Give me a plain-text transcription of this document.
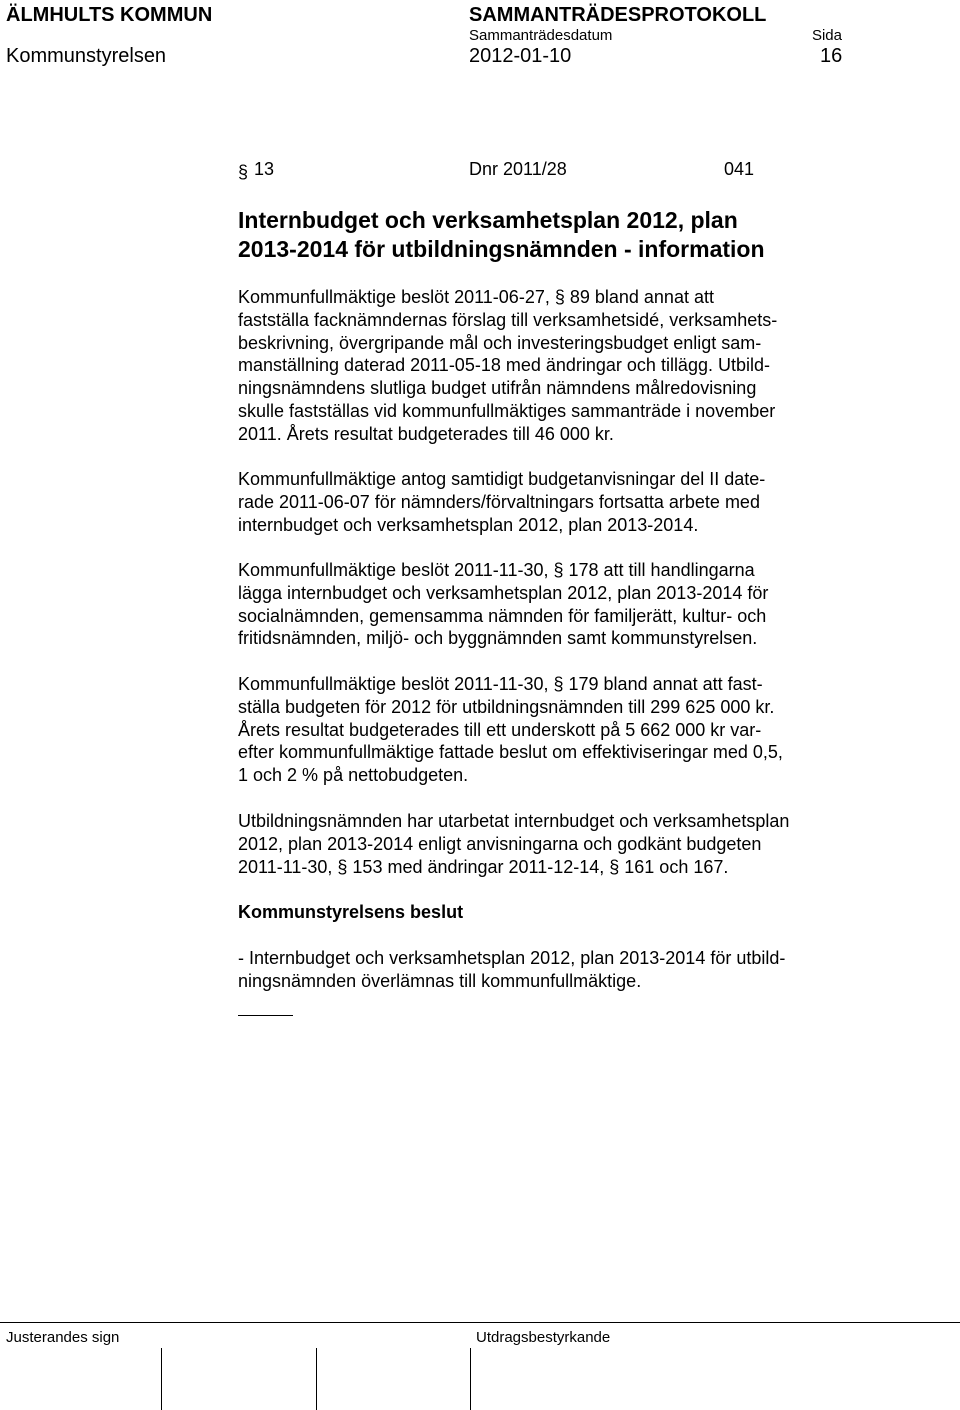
ÄLMHULTS KOMMUN
Kommunstyrelsen
SAMMANTRÄDESPROTOKOLL
Sammanträdesdatum
2012-01-10
Sida
16
§ 13	Dnr 2011/28	041
Internbudget och verksamhetsplan 2012, plan
2013-2014 för utbildningsnämnden - information
Kommunfullmäktige beslöt 2011-06-27, § 89 bland annat att
fastställa facknämndernas förslag till verksamhetsidé, verksamhets-
beskrivning, övergripande mål och investeringsbudget enligt sam-
manställning daterad 2011-05-18 med ändringar och tillägg. Utbild-
ningsnämndens slutliga budget utifrån nämndens målredovisning
skulle fastställas vid kommunfullmäktiges sammanträde i november
2011. Årets resultat budgeterades till 46 000 kr.
Kommunfullmäktige antog samtidigt budgetanvisningar del II date-
rade 2011-06-07 för nämnders/förvaltningars fortsatta arbete med
internbudget och verksamhetsplan 2012, plan 2013-2014.
Kommunfullmäktige beslöt 2011-11-30, § 178 att till handlingarna
lägga internbudget och verksamhetsplan 2012, plan 2013-2014 för
socialnämnden, gemensamma nämnden för familjerätt, kultur- och
fritidsnämnden, miljö- och byggnämnden samt kommunstyrelsen.
Kommunfullmäktige beslöt 2011-11-30, § 179 bland annat att fast-
ställa budgeten för 2012 för utbildningsnämnden till 299 625 000 kr.
Årets resultat budgeterades till ett underskott på 5 662 000 kr var-
efter kommunfullmäktige fattade beslut om effektiviseringar med 0,5,
1 och 2 % på nettobudgeten.
Utbildningsnämnden har utarbetat internbudget och verksamhetsplan
2012, plan 2013-2014 enligt anvisningarna och godkänt budgeten
2011-11-30, § 153 med ändringar 2011-12-14, § 161 och 167.
Kommunstyrelsens beslut
- Internbudget och verksamhetsplan 2012, plan 2013-2014 för utbild-
ningsnämnden överlämnas till kommunfullmäktige.
Justerandes sign	Utdragsbestyrkande
